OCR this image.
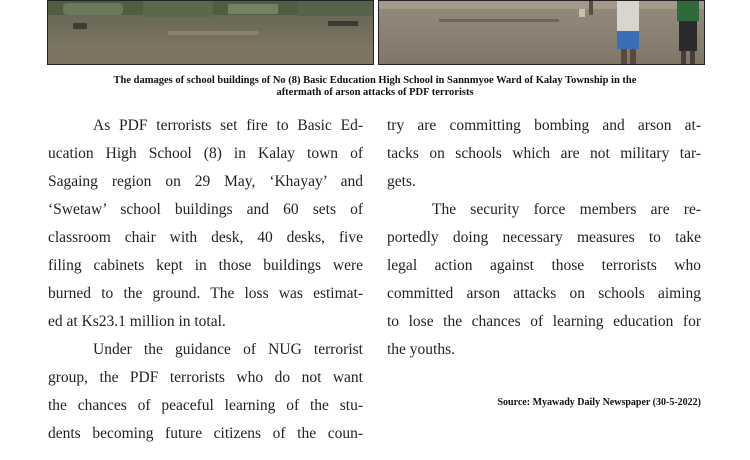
The damages of school buildings of No (8) Basic Education High School in Sannmyoe Ward of Kalay Township in the
aftermath of arson attacks of PDF terrorists
As PDF terrorists set fire to Basic Ed-
ucation High School (8) in Kalay town of
Sagaing region on 29 May, ‘Khayay’ and
‘Swetaw’ school buildings and 60 sets of
classroom chair with desk, 40 desks, five
filing cabinets kept in those buildings were
burned to the ground. The loss was estimat-
ed at Ks23.1 million in total.
Under the guidance of NUG terrorist
group, the PDF terrorists who do not want
the chances of peaceful learning of the stu-
dents becoming future citizens of the coun-
try are committing bombing and arson at-
tacks on schools which are not military tar-
gets.
The security force members are re-
portedly doing necessary measures to take
legal action against those terrorists who
committed arson attacks on schools aiming
to lose the chances of learning education for
the youths.
Source: Myawady Daily Newspaper (30-5-2022)
